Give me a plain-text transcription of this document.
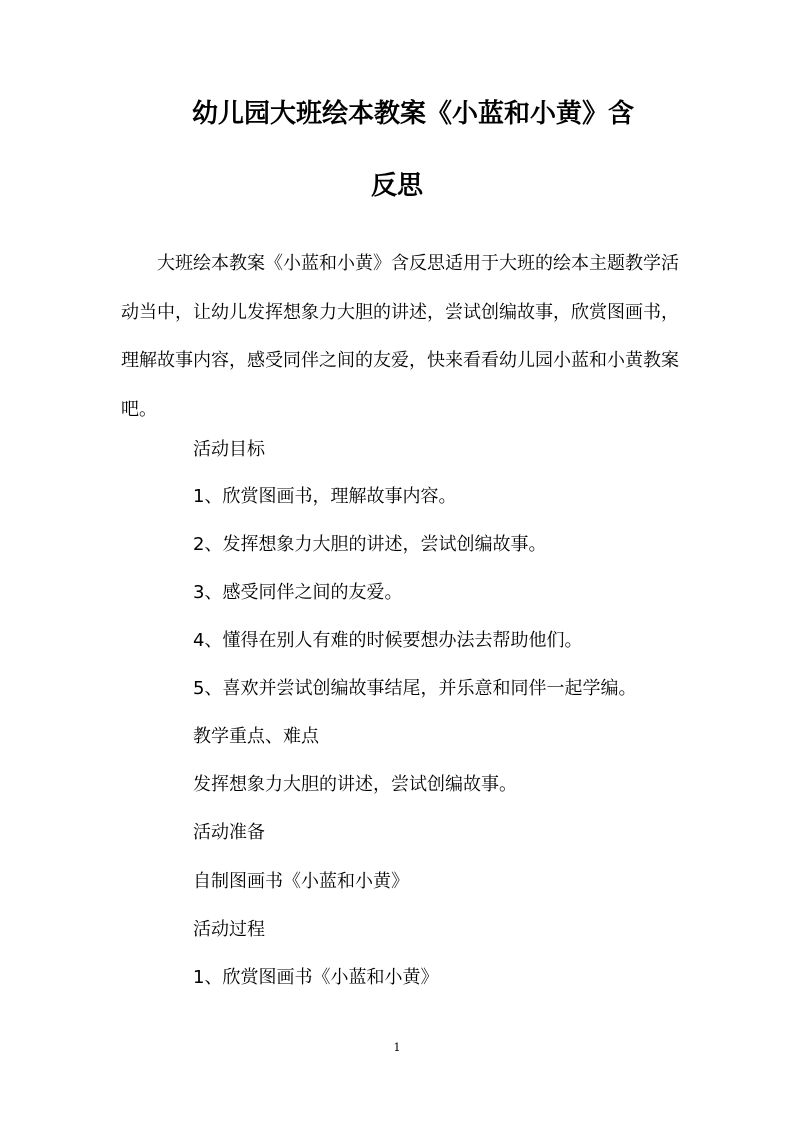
幼儿园大班绘本教案《小蓝和小黄》含
反思

大班绘本教案《小蓝和小黄》含反思适用于大班的绘本主题教学活动当中，让幼儿发挥想象力大胆的讲述，尝试创编故事，欣赏图画书，理解故事内容，感受同伴之间的友爱，快来看看幼儿园小蓝和小黄教案吧。

活动目标

1、欣赏图画书，理解故事内容。

2、发挥想象力大胆的讲述，尝试创编故事。

3、感受同伴之间的友爱。

4、懂得在别人有难的时候要想办法去帮助他们。

5、喜欢并尝试创编故事结尾，并乐意和同伴一起学编。

教学重点、难点

发挥想象力大胆的讲述，尝试创编故事。

活动准备

自制图画书《小蓝和小黄》

活动过程

1、欣赏图画书《小蓝和小黄》

1
